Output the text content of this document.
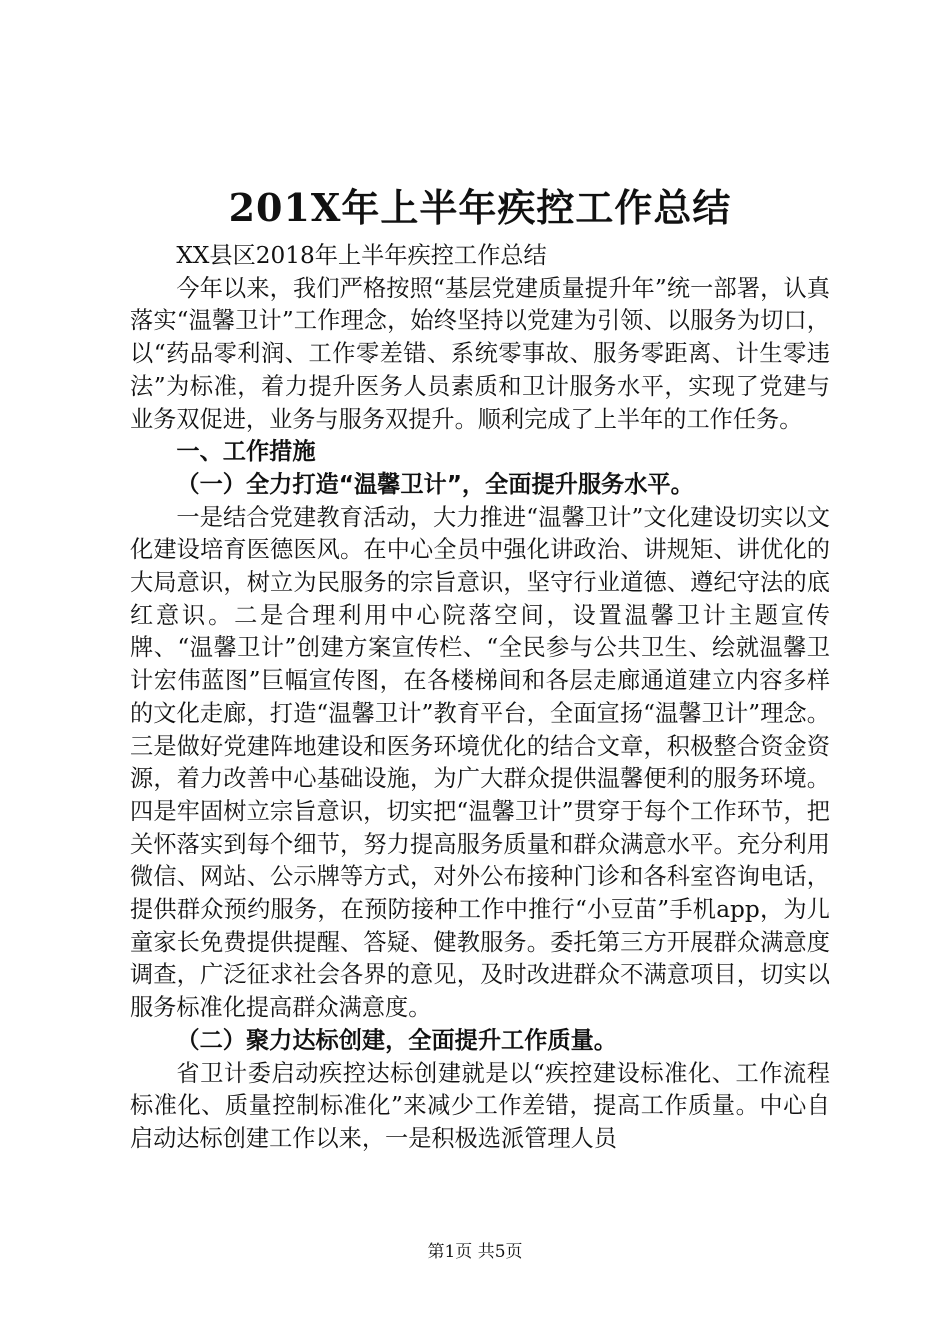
201X年上半年疾控工作总结

XX县区2018年上半年疾控工作总结

今年以来，我们严格按照“基层党建质量提升年”统一部署，认真落实“温馨卫计”工作理念，始终坚持以党建为引领、以服务为切口，以“药品零利润、工作零差错、系统零事故、服务零距离、计生零违法”为标准，着力提升医务人员素质和卫计服务水平，实现了党建与业务双促进，业务与服务双提升。顺利完成了上半年的工作任务。

一、工作措施

（一）全力打造“温馨卫计”，全面提升服务水平。

一是结合党建教育活动，大力推进“温馨卫计”文化建设切实以文化建设培育医德医风。在中心全员中强化讲政治、讲规矩、讲优化的大局意识，树立为民服务的宗旨意识，坚守行业道德、遵纪守法的底红意识。二是合理利用中心院落空间，设置温馨卫计主题宣传牌、“温馨卫计”创建方案宣传栏、“全民参与公共卫生、绘就温馨卫计宏伟蓝图”巨幅宣传图，在各楼梯间和各层走廊通道建立内容多样的文化走廊，打造“温馨卫计”教育平台，全面宣扬“温馨卫计”理念。三是做好党建阵地建设和医务环境优化的结合文章，积极整合资金资源，着力改善中心基础设施，为广大群众提供温馨便利的服务环境。四是牢固树立宗旨意识，切实把“温馨卫计”贯穿于每个工作环节，把关怀落实到每个细节，努力提高服务质量和群众满意水平。充分利用微信、网站、公示牌等方式，对外公布接种门诊和各科室咨询电话，提供群众预约服务，在预防接种工作中推行“小豆苗”手机app，为儿童家长免费提供提醒、答疑、健教服务。委托第三方开展群众满意度调查，广泛征求社会各界的意见，及时改进群众不满意项目，切实以服务标准化提高群众满意度。

（二）聚力达标创建，全面提升工作质量。

省卫计委启动疾控达标创建就是以“疾控建设标准化、工作流程标准化、质量控制标准化”来减少工作差错，提高工作质量。中心自启动达标创建工作以来，一是积极选派管理人员

第1页 共5页
